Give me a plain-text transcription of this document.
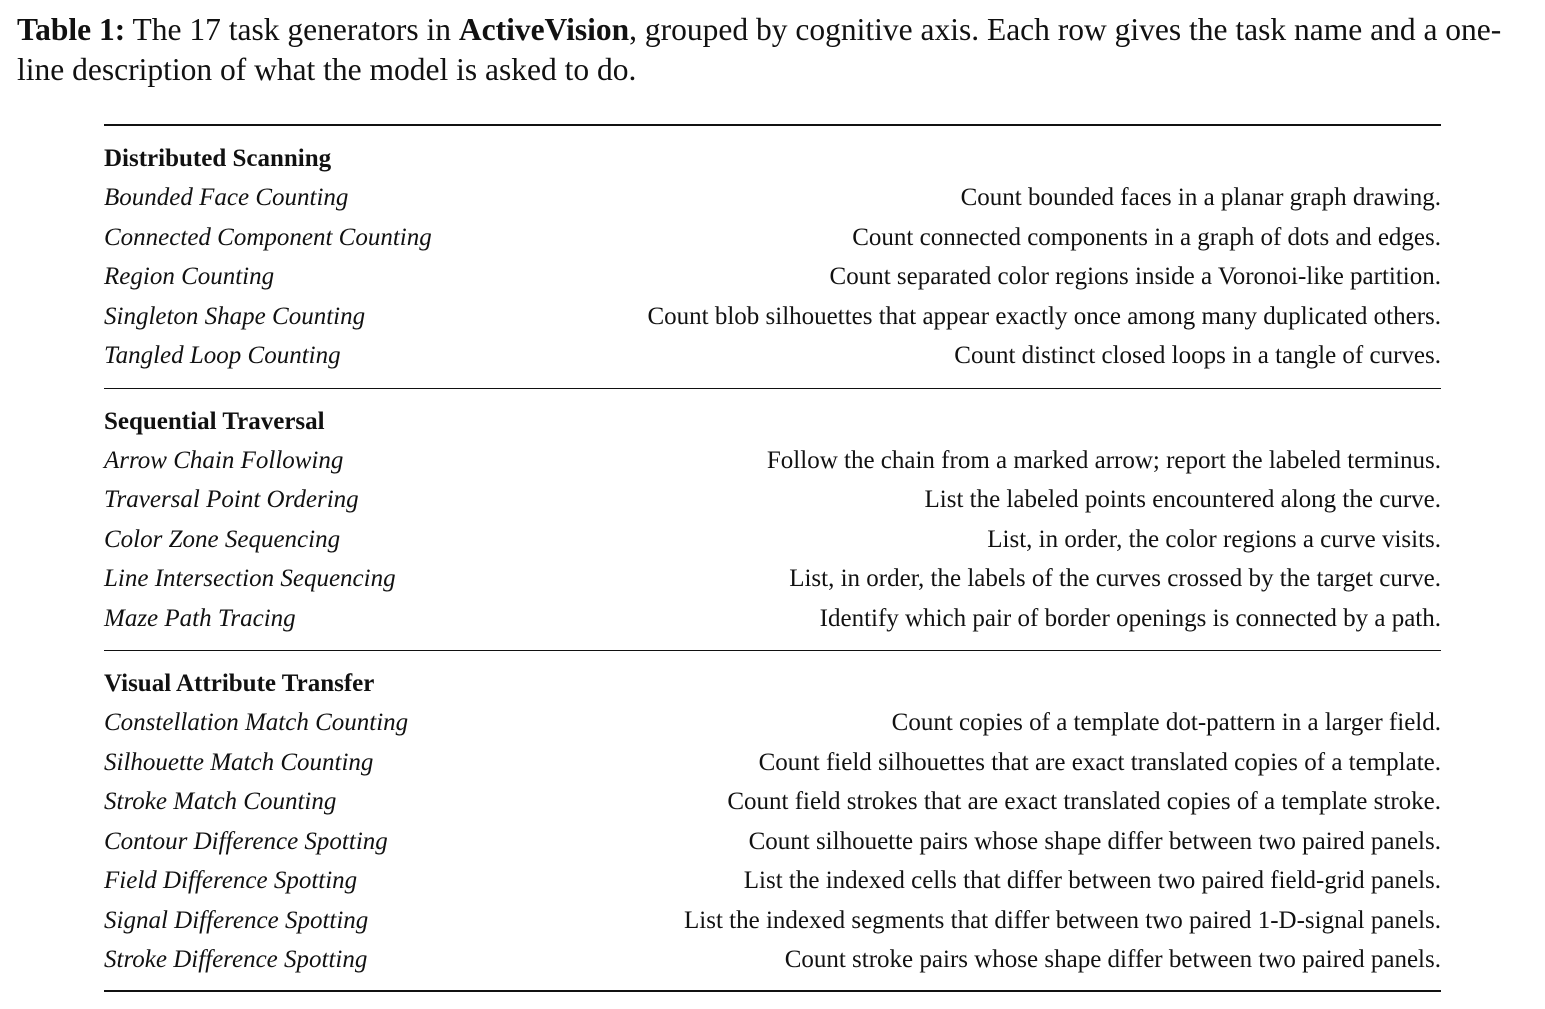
Table 1: The 17 task generators in ActiveVision, grouped by cognitive axis. Each row gives the task name and a one-line description of what the model is asked to do.

Distributed Scanning
Bounded Face Counting	Count bounded faces in a planar graph drawing.
Connected Component Counting	Count connected components in a graph of dots and edges.
Region Counting	Count separated color regions inside a Voronoi-like partition.
Singleton Shape Counting	Count blob silhouettes that appear exactly once among many duplicated others.
Tangled Loop Counting	Count distinct closed loops in a tangle of curves.
Sequential Traversal
Arrow Chain Following	Follow the chain from a marked arrow; report the labeled terminus.
Traversal Point Ordering	List the labeled points encountered along the curve.
Color Zone Sequencing	List, in order, the color regions a curve visits.
Line Intersection Sequencing	List, in order, the labels of the curves crossed by the target curve.
Maze Path Tracing	Identify which pair of border openings is connected by a path.
Visual Attribute Transfer
Constellation Match Counting	Count copies of a template dot-pattern in a larger field.
Silhouette Match Counting	Count field silhouettes that are exact translated copies of a template.
Stroke Match Counting	Count field strokes that are exact translated copies of a template stroke.
Contour Difference Spotting	Count silhouette pairs whose shape differ between two paired panels.
Field Difference Spotting	List the indexed cells that differ between two paired field-grid panels.
Signal Difference Spotting	List the indexed segments that differ between two paired 1-D-signal panels.
Stroke Difference Spotting	Count stroke pairs whose shape differ between two paired panels.
